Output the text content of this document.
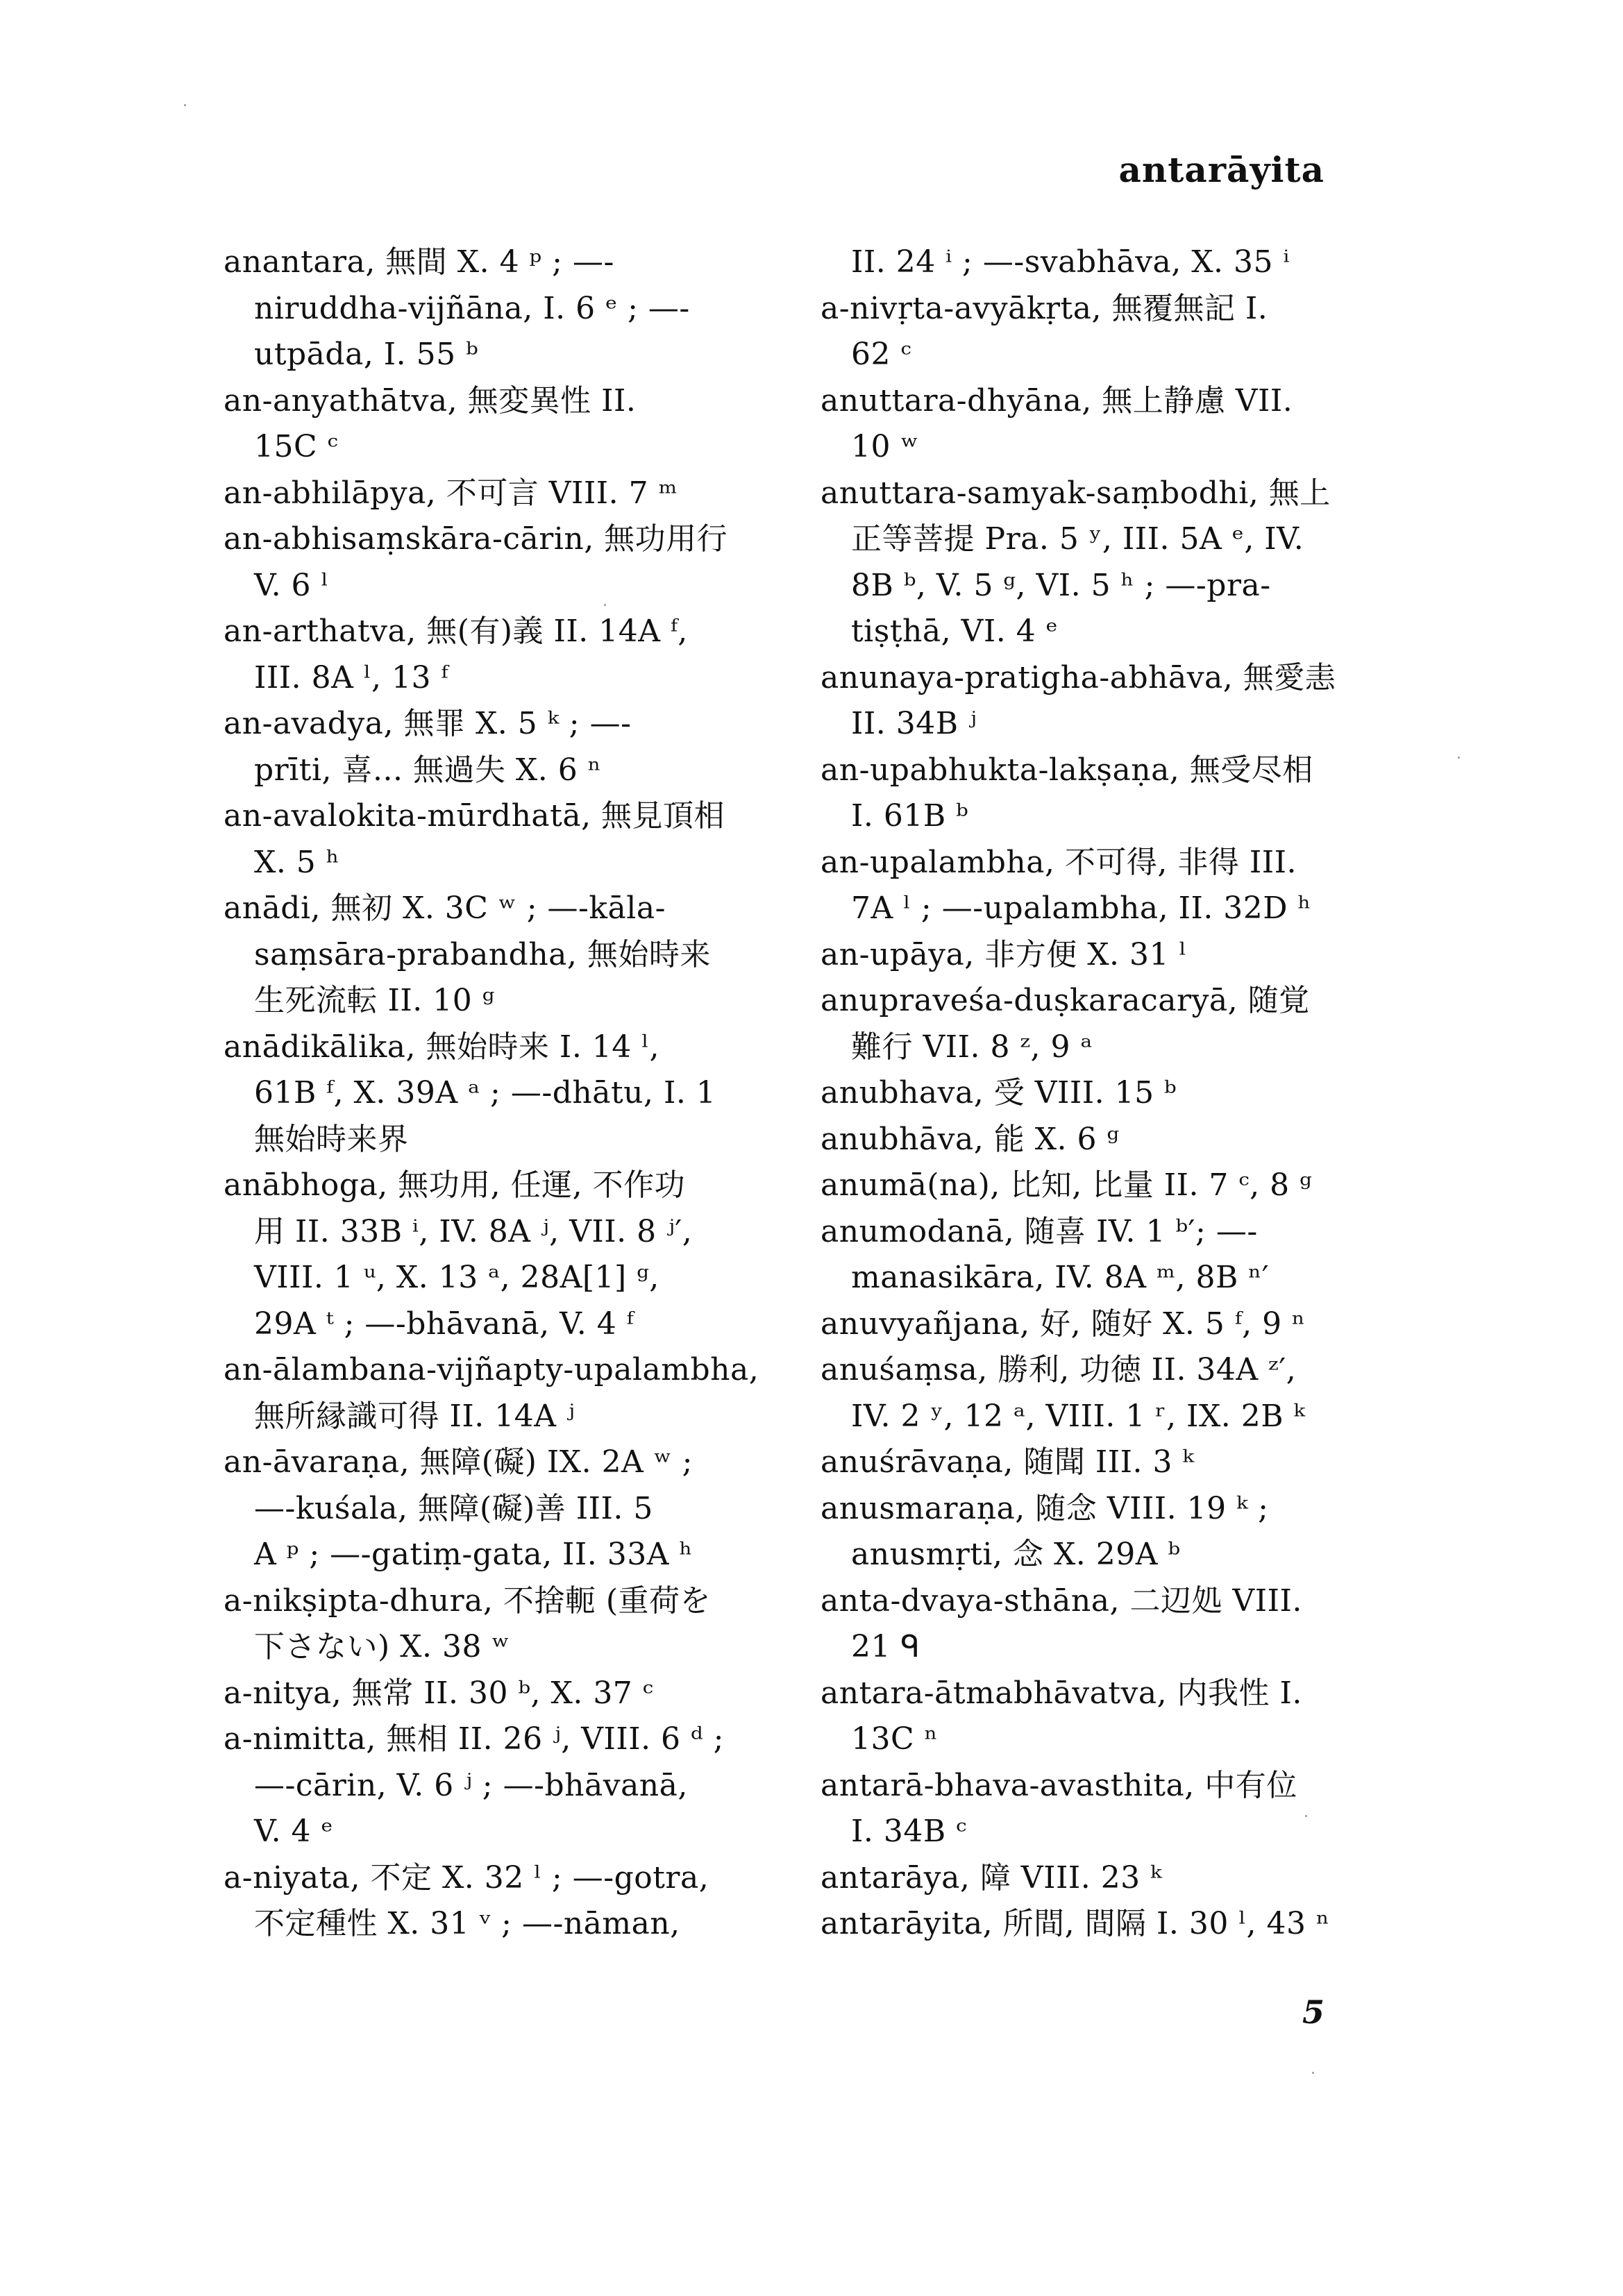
antarāyita
anantara, 無間 X. 4 ᵖ ; —-
niruddha-vijñāna, I. 6 ᵉ ; —-
utpāda, I. 55 ᵇ
an-anyathātva, 無変異性 II.
15C ᶜ
an-abhilāpya, 不可言 VIII. 7 ᵐ
an-abhisaṃskāra-cārin, 無功用行
V. 6 ˡ
an-arthatva, 無(有)義 II. 14A ᶠ,
III. 8A ˡ, 13 ᶠ
an-avadya, 無罪 X. 5 ᵏ ; —-
prīti, 喜... 無過失 X. 6 ⁿ
an-avalokita-mūrdhatā, 無見頂相
X. 5 ʰ
anādi, 無初 X. 3C ʷ ; —-kāla-
saṃsāra-prabandha, 無始時来
生死流転 II. 10 ᵍ
anādikālika, 無始時来 I. 14 ˡ,
61B ᶠ, X. 39A ᵃ ; —-dhātu, I. 1
無始時来界
anābhoga, 無功用, 任運, 不作功
用 II. 33B ⁱ, IV. 8A ʲ, VII. 8 ʲ′,
VIII. 1 ᵘ, X. 13 ᵃ, 28A[1] ᵍ,
29A ᵗ ; —-bhāvanā, V. 4 ᶠ
an-ālambana-vijñapty-upalambha,
無所縁識可得 II. 14A ʲ
an-āvaraṇa, 無障(礙) IX. 2A ʷ ;
—-kuśala, 無障(礙)善 III. 5
A ᵖ ; —-gatiṃ-gata, II. 33A ʰ
a-nikṣipta-dhura, 不捨軛 (重荷を
下さない) X. 38 ʷ
a-nitya, 無常 II. 30 ᵇ, X. 37 ᶜ
a-nimitta, 無相 II. 26 ʲ, VIII. 6 ᵈ ;
—-cārin, V. 6 ʲ ; —-bhāvanā,
V. 4 ᵉ
a-niyata, 不定 X. 32 ˡ ; —-gotra,
不定種性 X. 31 ᵛ ; —-nāman,
II. 24 ⁱ ; —-svabhāva, X. 35 ⁱ
a-nivṛta-avyākṛta, 無覆無記 I.
62 ᶜ
anuttara-dhyāna, 無上静慮 VII.
10 ʷ
anuttara-samyak-saṃbodhi, 無上
正等菩提 Pra. 5 ʸ, III. 5A ᵉ, IV.
8B ᵇ, V. 5 ᵍ, VI. 5 ʰ ; —-pra-
tiṣṭhā, VI. 4 ᵉ
anunaya-pratigha-abhāva, 無愛恚
II. 34B ʲ
an-upabhukta-lakṣaṇa, 無受尽相
I. 61B ᵇ
an-upalambha, 不可得, 非得 III.
7A ˡ ; —-upalambha, II. 32D ʰ
an-upāya, 非方便 X. 31 ˡ
anupraveśa-duṣkaracaryā, 随覚
難行 VII. 8 ᶻ, 9 ᵃ
anubhava, 受 VIII. 15 ᵇ
anubhāva, 能 X. 6 ᵍ
anumā(na), 比知, 比量 II. 7 ᶜ, 8 ᵍ
anumodanā, 随喜 IV. 1 ᵇ′; —-
manasikāra, IV. 8A ᵐ, 8B ⁿ′
anuvyañjana, 好, 随好 X. 5 ᶠ, 9 ⁿ
anuśaṃsa, 勝利, 功徳 II. 34A ᶻ′,
IV. 2 ʸ, 12 ᵃ, VIII. 1 ʳ, IX. 2B ᵏ
anuśrāvaṇa, 随聞 III. 3 ᵏ
anusmaraṇa, 随念 VIII. 19 ᵏ ;
anusmṛti, 念 X. 29A ᵇ
anta-dvaya-sthāna, 二辺処 VIII.
21 ᑫ
antara-ātmabhāvatva, 内我性 I.
13C ⁿ
antarā-bhava-avasthita, 中有位
I. 34B ᶜ
antarāya, 障 VIII. 23 ᵏ
antarāyita, 所間, 間隔 I. 30 ˡ, 43 ⁿ
5
